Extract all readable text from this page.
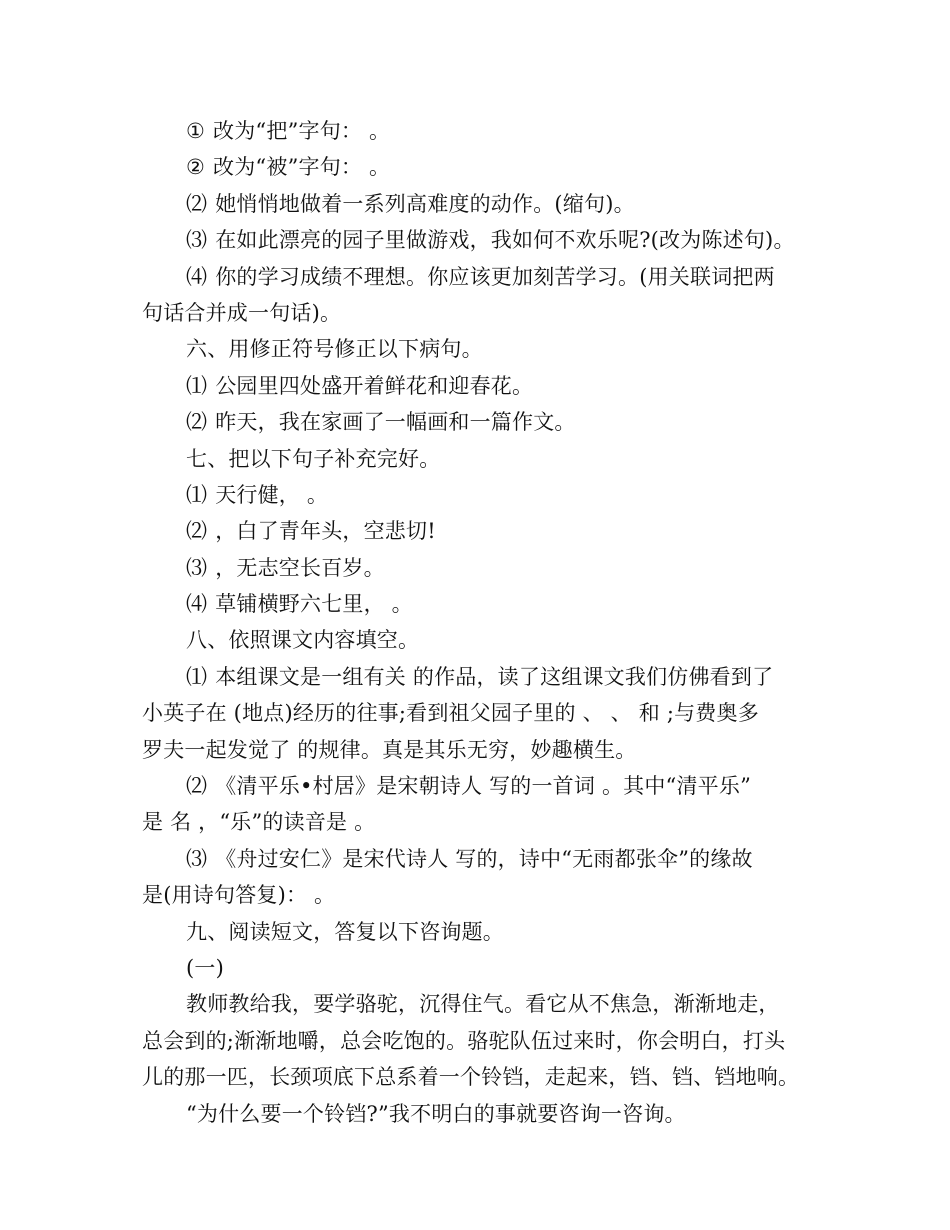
① 改为“把”字句： 。
② 改为“被”字句： 。
⑵ 她悄悄地做着一系列高难度的动作。(缩句)。
⑶ 在如此漂亮的园子里做游戏，我如何不欢乐呢?(改为陈述句)。
⑷ 你的学习成绩不理想。你应该更加刻苦学习。(用关联词把两
句话合并成一句话)。
六、用修正符号修正以下病句。
⑴ 公园里四处盛开着鲜花和迎春花。
⑵ 昨天，我在家画了一幅画和一篇作文。
七、把以下句子补充完好。
⑴ 天行健， 。
⑵ ，白了青年头，空悲切!
⑶ ，无志空长百岁。
⑷ 草铺横野六七里， 。
八、依照课文内容填空。
⑴ 本组课文是一组有关 的作品，读了这组课文我们仿佛看到了
小英子在 (地点)经历的往事;看到祖父园子里的 、 、 和 ;与费奥多
罗夫一起发觉了 的规律。真是其乐无穷，妙趣横生。
⑵ 《清平乐•村居》是宋朝诗人 写的一首词 。其中“清平乐”
是 名 ，“乐”的读音是 。
⑶ 《舟过安仁》是宋代诗人 写的，诗中“无雨都张伞”的缘故
是(用诗句答复)： 。
九、阅读短文，答复以下咨询题。
(一)
教师教给我，要学骆驼，沉得住气。看它从不焦急，渐渐地走，
总会到的;渐渐地嚼，总会吃饱的。骆驼队伍过来时，你会明白，打头
儿的那一匹，长颈项底下总系着一个铃铛，走起来，铛、铛、铛地响。
“为什么要一个铃铛?”我不明白的事就要咨询一咨询。
